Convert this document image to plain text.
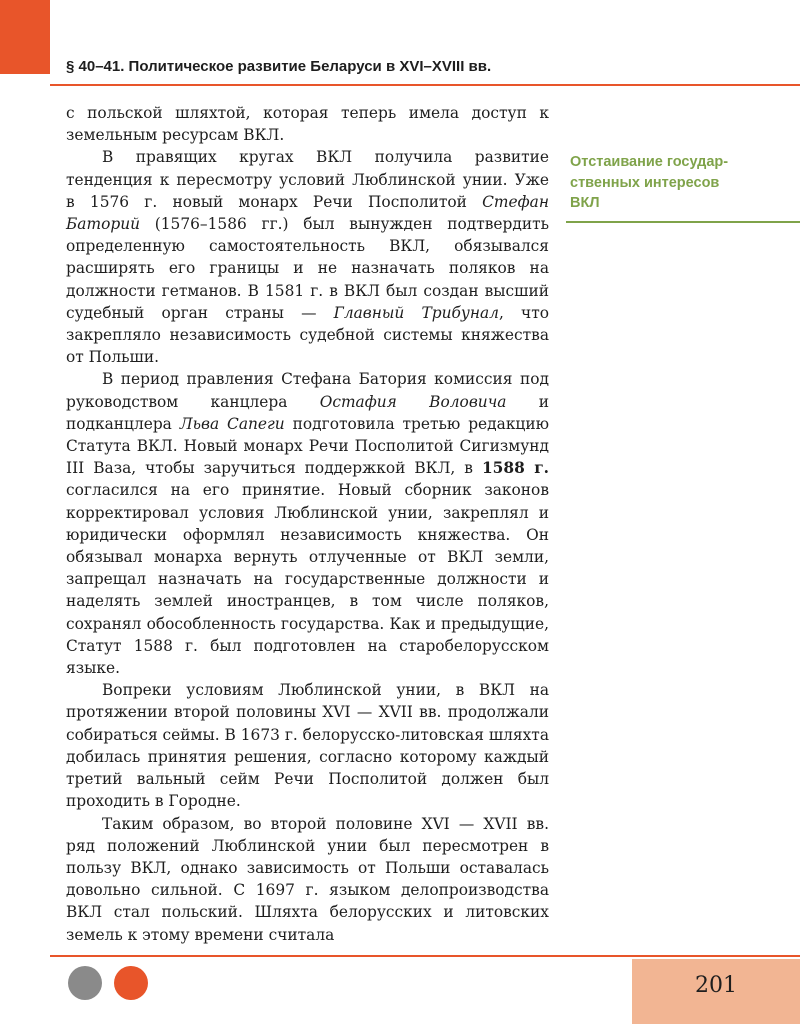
§ 40–41. Политическое развитие Беларуси в XVI–XVIII вв.

с польской шляхтой, которая теперь имела доступ к земельным ресурсам ВКЛ.

В правящих кругах ВКЛ получила развитие тенденция к пересмотру условий Люблинской унии. Уже в 1576 г. новый монарх Речи Посполитой Стефан Баторий (1576–1586 гг.) был вынужден подтвердить определенную самостоятельность ВКЛ, обязывался расширять его границы и не назначать поляков на должности гетманов. В 1581 г. в ВКЛ был создан высший судебный орган страны — Главный Трибунал, что закрепляло независимость судебной системы княжества от Польши.

В период правления Стефана Батория комиссия под руководством канцлера Остафия Воловича и подканцлера Льва Сапеги подготовила третью редакцию Статута ВКЛ. Новый монарх Речи Посполитой Сигизмунд III Ваза, чтобы заручиться поддержкой ВКЛ, в 1588 г. согласился на его принятие. Новый сборник законов корректировал условия Люблинской унии, закреплял и юридически оформлял независимость княжества. Он обязывал монарха вернуть отлученные от ВКЛ земли, запрещал назначать на государственные должности и наделять землей иностранцев, в том числе поляков, сохранял обособленность государства. Как и предыдущие, Статут 1588 г. был подготовлен на старобелорусском языке.

Вопреки условиям Люблинской унии, в ВКЛ на протяжении второй половины XVI — XVII вв. продолжали собираться сеймы. В 1673 г. белорусско-литовская шляхта добилась принятия решения, согласно которому каждый третий вальный сейм Речи Посполитой должен был проходить в Городне.

Таким образом, во второй половине XVI — XVII вв. ряд положений Люблинской унии был пересмотрен в пользу ВКЛ, однако зависимость от Польши оставалась довольно сильной. С 1697 г. языком делопроизводства ВКЛ стал польский. Шляхта белорусских и литовских земель к этому времени считала

Отстаивание государ-
ственных интересов
ВКЛ
201
